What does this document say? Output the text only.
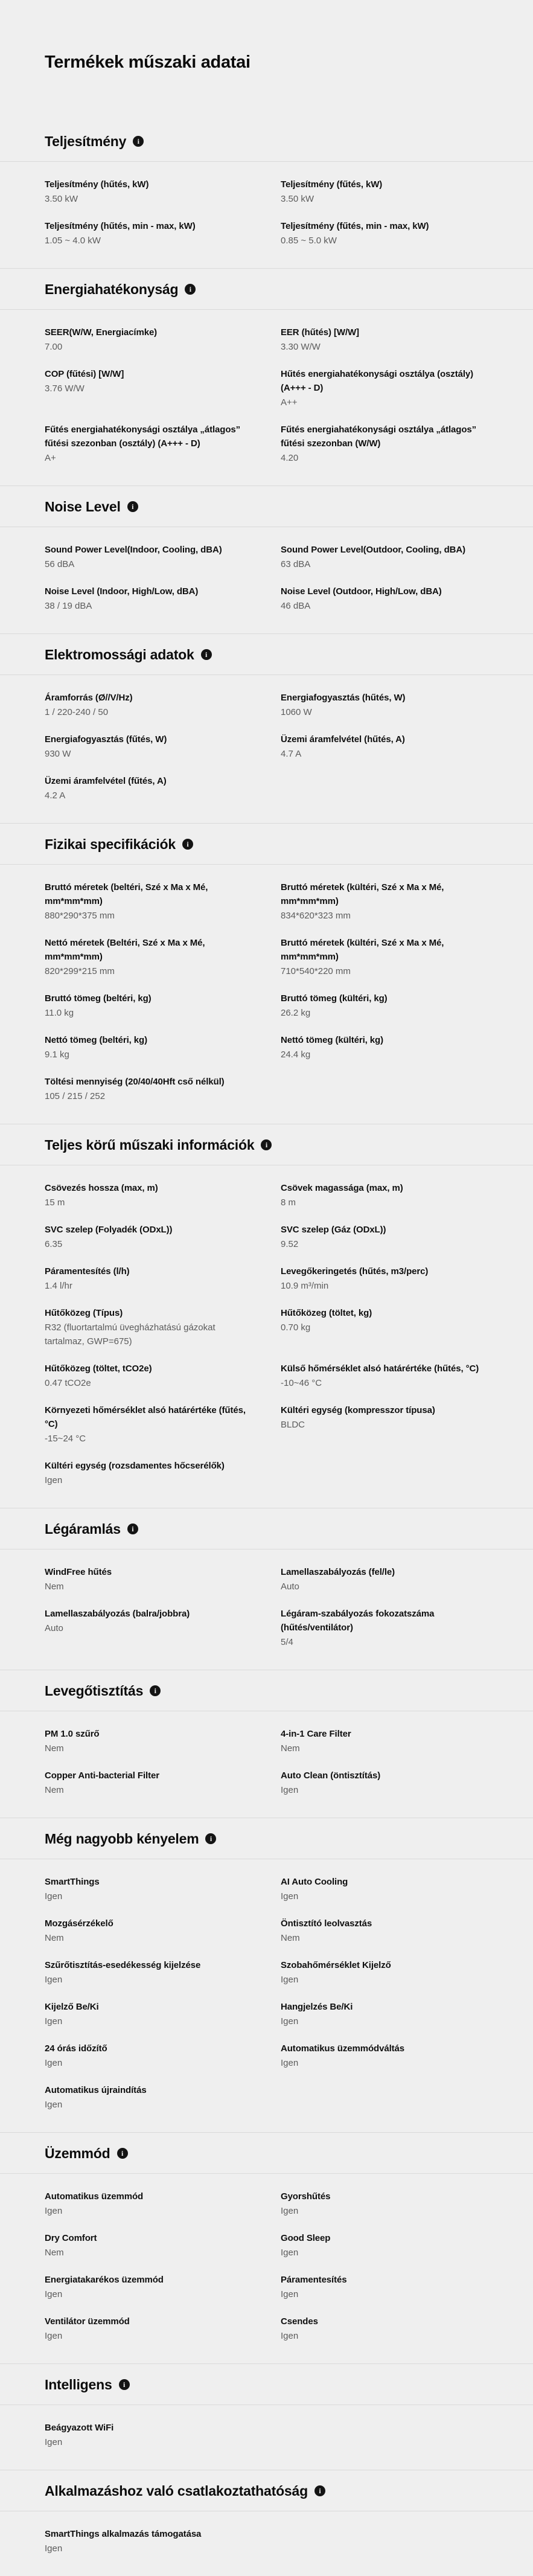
Termékek műszaki adatai
Teljesítmény	i
Teljesítmény (hűtés, kW)
3.50 kW
Teljesítmény (fűtés, kW)
3.50 kW
Teljesítmény (hűtés, min - max, kW)
1.05 ~ 4.0 kW
Teljesítmény (fűtés, min - max, kW)
0.85 ~ 5.0 kW
Energiahatékonyság	i
SEER(W/W, Energiacímke)
7.00
EER (hűtés) [W/W]
3.30 W/W
COP (fűtési) [W/W]
3.76 W/W
Hűtés energiahatékonysági osztálya (osztály) (A+++ - D)
A++
Fűtés energiahatékonysági osztálya „átlagos” fűtési szezonban (osztály) (A+++ - D)
A+
Fűtés energiahatékonysági osztálya „átlagos” fűtési szezonban (W/W)
4.20
Noise Level	i
Sound Power Level(Indoor, Cooling, dBA)
56 dBA
Sound Power Level(Outdoor, Cooling, dBA)
63 dBA
Noise Level (Indoor, High/Low, dBA)
38 / 19 dBA
Noise Level (Outdoor, High/Low, dBA)
46 dBA
Elektromossági adatok	i
Áramforrás (Ø//V/Hz)
1 / 220-240 / 50
Energiafogyasztás (hűtés, W)
1060 W
Energiafogyasztás (fűtés, W)
930 W
Üzemi áramfelvétel (hűtés, A)
4.7 A
Üzemi áramfelvétel (fűtés, A)
4.2 A
Fizikai specifikációk	i
Bruttó méretek (beltéri, Szé x Ma x Mé, mm*mm*mm)
880*290*375 mm
Bruttó méretek (kültéri, Szé x Ma x Mé, mm*mm*mm)
834*620*323 mm
Nettó méretek (Beltéri, Szé x Ma x Mé, mm*mm*mm)
820*299*215 mm
Bruttó méretek (kültéri, Szé x Ma x Mé, mm*mm*mm)
710*540*220 mm
Bruttó tömeg (beltéri, kg)
11.0 kg
Bruttó tömeg (kültéri, kg)
26.2 kg
Nettó tömeg (beltéri, kg)
9.1 kg
Nettó tömeg (kültéri, kg)
24.4 kg
Töltési mennyiség (20/40/40Hft cső nélkül)
105 / 215 / 252
Teljes körű műszaki információk	i
Csövezés hossza (max, m)
15 m
Csövek magassága (max, m)
8 m
SVC szelep (Folyadék (ODxL))
6.35
SVC szelep (Gáz (ODxL))
9.52
Páramentesítés (l/h)
1.4 l/hr
Levegőkeringetés (hűtés, m3/perc)
10.9 m³/min
Hűtőközeg (Típus)
R32 (fluortartalmú üvegházhatású gázokat tartalmaz, GWP=675)
Hűtőközeg (töltet, kg)
0.70 kg
Hűtőközeg (töltet, tCO2e)
0.47 tCO2e
Külső hőmérséklet alsó határértéke (hűtés, °C)
-10~46 °C
Környezeti hőmérséklet alsó határértéke (fűtés, °C)
-15~24 °C
Kültéri egység (kompresszor típusa)
BLDC
Kültéri egység (rozsdamentes hőcserélők)
Igen
Légáramlás	i
WindFree hűtés
Nem
Lamellaszabályozás (fel/le)
Auto
Lamellaszabályozás (balra/jobbra)
Auto
Légáram-szabályozás fokozatszáma (hűtés/ventilátor)
5/4
Levegőtisztítás	i
PM 1.0 szűrő
Nem
4-in-1 Care Filter
Nem
Copper Anti-bacterial Filter
Nem
Auto Clean (öntisztítás)
Igen
Még nagyobb kényelem	i
SmartThings
Igen
AI Auto Cooling
Igen
Mozgásérzékelő
Nem
Öntisztító leolvasztás
Nem
Szűrőtisztítás-esedékesség kijelzése
Igen
Szobahőmérséklet Kijelző
Igen
Kijelző Be/Ki
Igen
Hangjelzés Be/Ki
Igen
24 órás időzítő
Igen
Automatikus üzemmódváltás
Igen
Automatikus újraindítás
Igen
Üzemmód	i
Automatikus üzemmód
Igen
Gyorshűtés
Igen
Dry Comfort
Nem
Good Sleep
Igen
Energiatakarékos üzemmód
Igen
Páramentesítés
Igen
Ventilátor üzemmód
Igen
Csendes
Igen
Intelligens	i
Beágyazott WiFi
Igen
Alkalmazáshoz való csatlakoztathatóság	i
SmartThings alkalmazás támogatása
Igen
